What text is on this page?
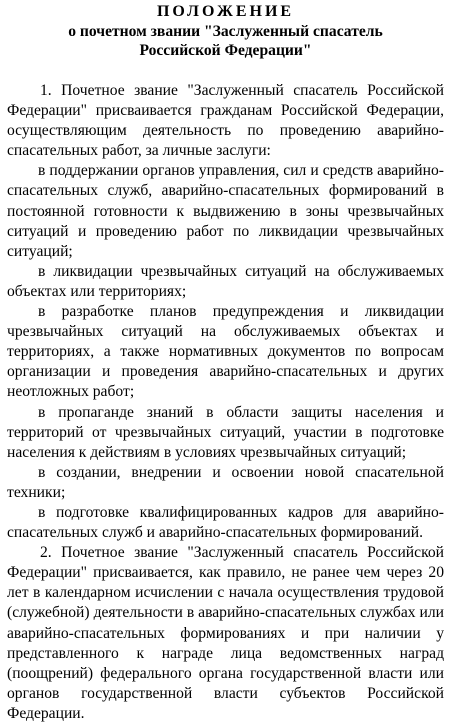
ПОЛОЖЕНИЕ
о почетном звании "Заслуженный спасатель
Российской Федерации"

1. Почетное звание "Заслуженный спасатель Российской Федерации" присваивается гражданам Российской Федерации, осуществляющим деятельность по проведению аварийно-спасательных работ, за личные заслуги:

в поддержании органов управления, сил и средств аварийно-спасательных служб, аварийно-спасательных формирований в постоянной готовности к выдвижению в зоны чрезвычайных ситуаций и проведению работ по ликвидации чрезвычайных ситуаций;

в ликвидации чрезвычайных ситуаций на обслуживаемых объектах или территориях;

в разработке планов предупреждения и ликвидации чрезвычайных ситуаций на обслуживаемых объектах и территориях, а также нормативных документов по вопросам организации и проведения аварийно-спасательных и других неотложных работ;

в пропаганде знаний в области защиты населения и территорий от чрезвычайных ситуаций, участии в подготовке населения к действиям в условиях чрезвычайных ситуаций;

в создании, внедрении и освоении новой спасательной техники;

в подготовке квалифицированных кадров для аварийно-спасательных служб и аварийно-спасательных формирований.

2. Почетное звание "Заслуженный спасатель Российской Федерации" присваивается, как правило, не ранее чем через 20 лет в календарном исчислении с начала осуществления трудовой (служебной) деятельности в аварийно-спасательных службах или аварийно-спасательных формированиях и при наличии у представленного к награде лица ведомственных наград (поощрений) федерального органа государственной власти или органов государственной власти субъектов Российской Федерации.
